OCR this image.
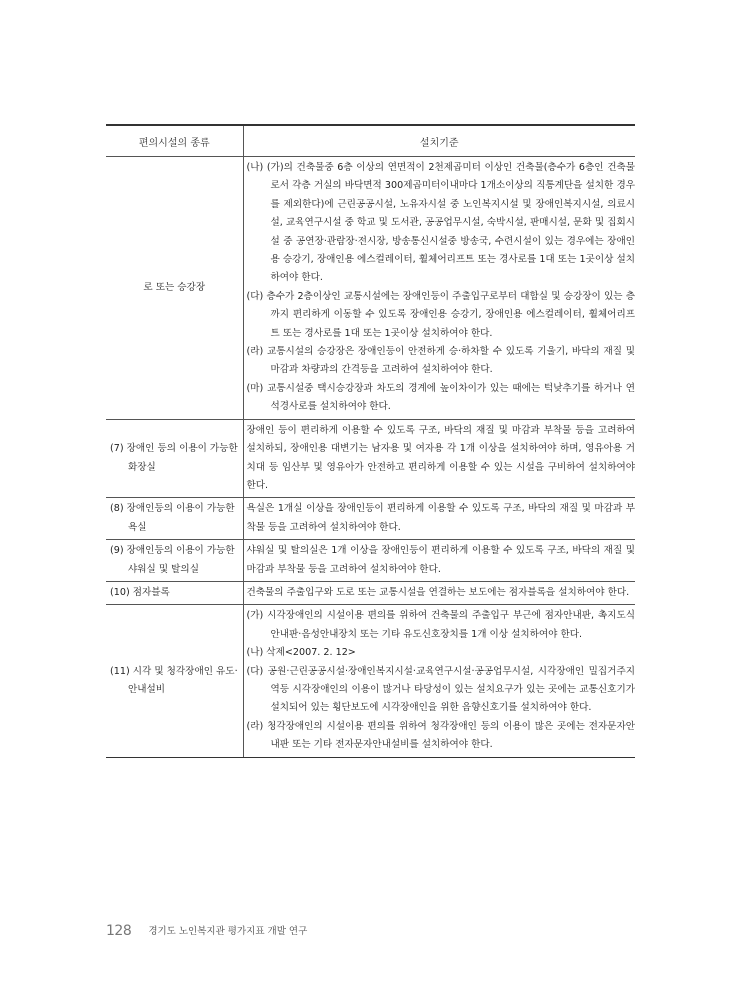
편의시설의 종류	설치기준

로 또는 승강장	(나) (가)의 건축물중 6층 이상의 연면적이 2천제곱미터 이상인 건축물(층수가 6층인 건축물로서 각층 거실의 바닥면적 300제곱미터이내마다 1개소이상의 직통계단을 설치한 경우를 제외한다)에 근린공공시설, 노유자시설 중 노인복지시설 및 장애인복지시설, 의료시설, 교육연구시설 중 학교 및 도서관, 공공업무시설, 숙박시설, 판매시설, 문화 및 집회시설 중 공연장·관람장·전시장, 방송통신시설중 방송국, 수련시설이 있는 경우에는 장애인용 승강기, 장애인용 에스컬레이터, 휠체어리프트 또는 경사로를 1대 또는 1곳이상 설치하여야 한다.
(다) 층수가 2층이상인 교통시설에는 장애인등이 주출입구로부터 대합실 및 승강장이 있는 층까지 편리하게 이동할 수 있도록 장애인용 승강기, 장애인용 에스컬레이터, 휠체어리프트 또는 경사로를 1대 또는 1곳이상 설치하여야 한다.
(라) 교통시설의 승강장은 장애인등이 안전하게 승·하차할 수 있도록 기울기, 바닥의 재질 및 마감과 차량과의 간격등을 고려하여 설치하여야 한다.
(마) 교통시설중 택시승강장과 차도의 경계에 높이차이가 있는 때에는 턱낮추기를 하거나 연석경사로를 설치하여야 한다.

(7) 장애인 등의 이용이 가능한 화장실	장애인 등이 편리하게 이용할 수 있도록 구조, 바닥의 재질 및 마감과 부착물 등을 고려하여 설치하되, 장애인용 대변기는 남자용 및 여자용 각 1개 이상을 설치하여야 하며, 영유아용 거치대 등 임산부 및 영유아가 안전하고 편리하게 이용할 수 있는 시설을 구비하여 설치하여야 한다.

(8) 장애인등의 이용이 가능한 욕실	욕실은 1개실 이상을 장애인등이 편리하게 이용할 수 있도록 구조, 바닥의 재질 및 마감과 부착물 등을 고려하여 설치하여야 한다.

(9) 장애인등의 이용이 가능한 샤워실 및 탈의실	샤워실 및 탈의실은 1개 이상을 장애인등이 편리하게 이용할 수 있도록 구조, 바닥의 재질 및 마감과 부착물 등을 고려하여 설치하여야 한다.

(10) 점자블록	건축물의 주출입구와 도로 또는 교통시설을 연결하는 보도에는 점자블록을 설치하여야 한다.

(11) 시각 및 청각장애인 유도·안내설비	(가) 시각장애인의 시설이용 편의를 위하여 건축물의 주출입구 부근에 점자안내판, 촉지도식 안내판·음성안내장치 또는 기타 유도신호장치를 1개 이상 설치하여야 한다.
(나) 삭제<2007. 2. 12>
(다) 공원·근린공공시설·장애인복지시설·교육연구시설·공공업무시설, 시각장애인 밀집거주지역등 시각장애인의 이용이 많거나 타당성이 있는 설치요구가 있는 곳에는 교통신호기가 설치되어 있는 횡단보도에 시각장애인을 위한 음향신호기를 설치하여야 한다.
(라) 청각장애인의 시설이용 편의를 위하여 청각장애인 등의 이용이 많은 곳에는 전자문자안내판 또는 기타 전자문자안내설비를 설치하여야 한다.
128 경기도 노인복지관 평가지표 개발 연구
